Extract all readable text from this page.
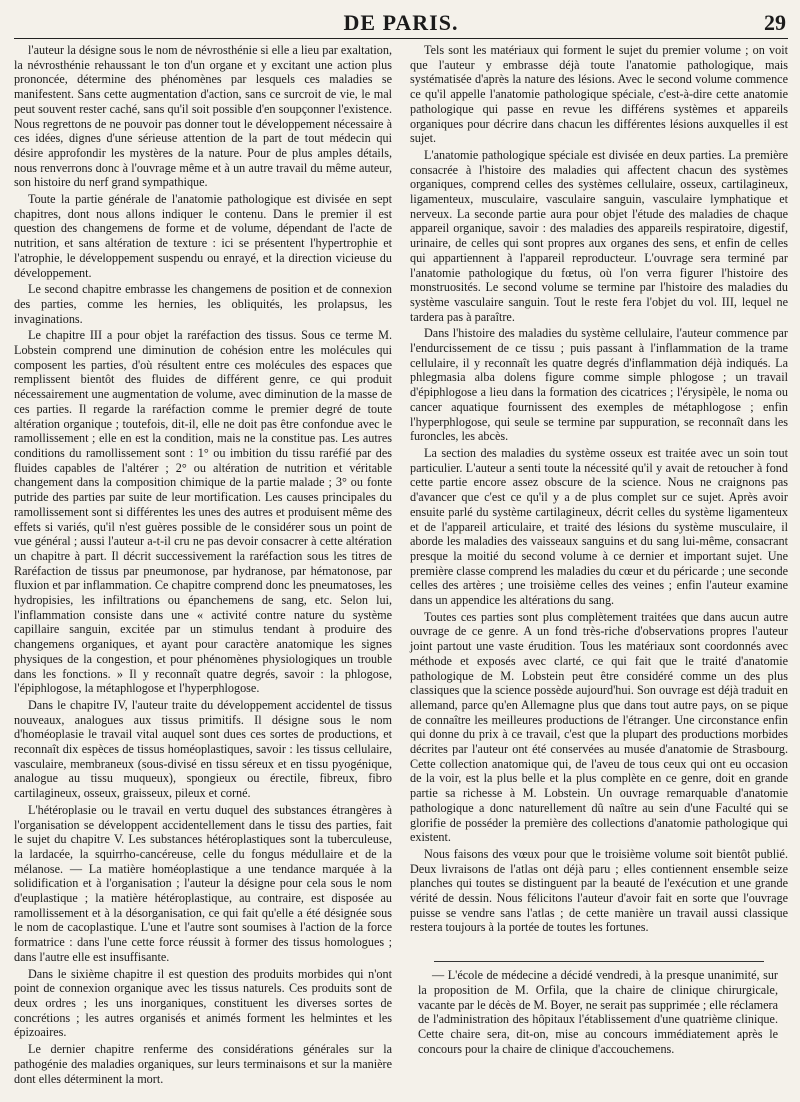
DE PARIS.	29

l'auteur la désigne sous le nom de névrosthénie si elle a lieu par exaltation, la névrosthénie rehaussant le ton d'un organe et y excitant une action plus prononcée, détermine des phénomènes par lesquels ces maladies se manifestent. Sans cette augmentation d'action, sans ce surcroit de vie, le mal peut souvent rester caché, sans qu'il soit possible d'en soupçonner l'existence. Nous regrettons de ne pouvoir pas donner tout le développement nécessaire à ces idées, dignes d'une sérieuse attention de la part de tout médecin qui désire approfondir les mystères de la nature. Pour de plus amples détails, nous renverrons donc à l'ouvrage même et à un autre travail du même auteur, son histoire du nerf grand sympathique.

Toute la partie générale de l'anatomie pathologique est divisée en sept chapitres, dont nous allons indiquer le contenu. Dans le premier il est question des changemens de forme et de volume, dépendant de l'acte de nutrition, et sans altération de texture : ici se présentent l'hypertrophie et l'atrophie, le développement suspendu ou enrayé, et la direction vicieuse du développement.

Le second chapitre embrasse les changemens de position et de connexion des parties, comme les hernies, les obliquités, les prolapsus, les invaginations.

Le chapitre III a pour objet la raréfaction des tissus. Sous ce terme M. Lobstein comprend une diminution de cohésion entre les molécules qui composent les parties, d'où résultent entre ces molécules des espaces que remplissent bientôt des fluides de différent genre, ce qui produit nécessairement une augmentation de volume, avec diminution de la masse de ces parties. Il regarde la raréfaction comme le premier degré de toute altération organique ; toutefois, dit-il, elle ne doit pas être confondue avec le ramollissement ; elle en est la condition, mais ne la constitue pas. Les autres conditions du ramollissement sont : 1° ou imbition du tissu raréfié par des fluides capables de l'altérer ; 2° ou altération de nutrition et véritable changement dans la composition chimique de la partie malade ; 3° ou fonte putride des parties par suite de leur mortification. Les causes principales du ramollissement sont si différentes les unes des autres et produisent même des effets si variés, qu'il n'est guères possible de le considérer sous un point de vue général ; aussi l'auteur a-t-il cru ne pas devoir consacrer à cette altération un chapitre à part. Il décrit successivement la raréfaction sous les titres de Raréfaction de tissus par pneumonose, par hydranose, par hématonose, par fluxion et par inflammation. Ce chapitre comprend donc les pneumatoses, les hydropisies, les infiltrations ou épanchemens de sang, etc. Selon lui, l'inflammation consiste dans une « activité contre nature du système capillaire sanguin, excitée par un stimulus tendant à produire des changemens organiques, et ayant pour caractère anatomique les signes physiques de la congestion, et pour phénomènes physiologiques un trouble dans les fonctions. » Il y reconnaît quatre degrés, savoir : la phlogose, l'épiphlogose, la métaphlogose et l'hyperphlogose.

Dans le chapitre IV, l'auteur traite du développement accidentel de tissus nouveaux, analogues aux tissus primitifs. Il désigne sous le nom d'homéoplasie le travail vital auquel sont dues ces sortes de productions, et reconnaît dix espèces de tissus homéoplastiques, savoir : les tissus cellulaire, vasculaire, membraneux (sous-divisé en tissu séreux et en tissu pyogénique, analogue au tissu muqueux), spongieux ou érectile, fibreux, fibro cartilagineux, osseux, graisseux, pileux et corné.

L'hétéroplasie ou le travail en vertu duquel des substances étrangères à l'organisation se développent accidentellement dans le tissu des parties, fait le sujet du chapitre V. Les substances hétéroplastiques sont la tuberculeuse, la lardacée, la squirrho-cancéreuse, celle du fongus médullaire et de la mélanose. — La matière homéoplastique a une tendance marquée à la solidification et à l'organisation ; l'auteur la désigne pour cela sous le nom d'euplastique ; la matière hétéroplastique, au contraire, est disposée au ramollissement et à la désorganisation, ce qui fait qu'elle a été désignée sous le nom de cacoplastique. L'une et l'autre sont soumises à l'action de la force formatrice : dans l'une cette force réussit à former des tissus homologues ; dans l'autre elle est insuffisante.

Dans le sixième chapitre il est question des produits morbides qui n'ont point de connexion organique avec les tissus naturels. Ces produits sont de deux ordres ; les uns inorganiques, constituent les diverses sortes de concrétions ; les autres organisés et animés forment les helmintes et les épizoaires.

Le dernier chapitre renferme des considérations générales sur la pathogénie des maladies organiques, sur leurs terminaisons et sur la manière dont elles déterminent la mort.

Tels sont les matériaux qui forment le sujet du premier volume ; on voit que l'auteur y embrasse déjà toute l'anatomie pathologique, mais systématisée d'après la nature des lésions. Avec le second volume commence ce qu'il appelle l'anatomie pathologique spéciale, c'est-à-dire cette anatomie pathologique qui passe en revue les différens systèmes et appareils organiques pour décrire dans chacun les différentes lésions auxquelles il est sujet.

L'anatomie pathologique spéciale est divisée en deux parties. La première consacrée à l'histoire des maladies qui affectent chacun des systèmes organiques, comprend celles des systèmes cellulaire, osseux, cartilagineux, ligamenteux, musculaire, vasculaire sanguin, vasculaire lymphatique et nerveux. La seconde partie aura pour objet l'étude des maladies de chaque appareil organique, savoir : des maladies des appareils respiratoire, digestif, urinaire, de celles qui sont propres aux organes des sens, et enfin de celles qui appartiennent à l'appareil reproducteur. L'ouvrage sera terminé par l'anatomie pathologique du fœtus, où l'on verra figurer l'histoire des monstruosités. Le second volume se termine par l'histoire des maladies du système vasculaire sanguin. Tout le reste fera l'objet du vol. III, lequel ne tardera pas à paraître.

Dans l'histoire des maladies du système cellulaire, l'auteur commence par l'endurcissement de ce tissu ; puis passant à l'inflammation de la trame cellulaire, il y reconnaît les quatre degrés d'inflammation déjà indiqués. La phlegmasia alba dolens figure comme simple phlogose ; un travail d'épiphlogose a lieu dans la formation des cicatrices ; l'érysipèle, le noma ou cancer aquatique fournissent des exemples de métaphlogose ; enfin l'hyperphlogose, qui seule se termine par suppuration, se reconnaît dans les furoncles, les abcès.

La section des maladies du système osseux est traitée avec un soin tout particulier. L'auteur a senti toute la nécessité qu'il y avait de retoucher à fond cette partie encore assez obscure de la science. Nous ne craignons pas d'avancer que c'est ce qu'il y a de plus complet sur ce sujet. Après avoir ensuite parlé du système cartilagineux, décrit celles du système ligamenteux et de l'appareil articulaire, et traité des lésions du système musculaire, il aborde les maladies des vaisseaux sanguins et du sang lui-même, consacrant presque la moitié du second volume à ce dernier et important sujet. Une première classe comprend les maladies du cœur et du péricarde ; une seconde celles des artères ; une troisième celles des veines ; enfin l'auteur examine dans un appendice les altérations du sang.

Toutes ces parties sont plus complètement traitées que dans aucun autre ouvrage de ce genre. A un fond très-riche d'observations propres l'auteur joint partout une vaste érudition. Tous les matériaux sont coordonnés avec méthode et exposés avec clarté, ce qui fait que le traité d'anatomie pathologique de M. Lobstein peut être considéré comme un des plus classiques que la science possède aujourd'hui. Son ouvrage est déjà traduit en allemand, parce qu'en Allemagne plus que dans tout autre pays, on se pique de connaître les meilleures productions de l'étranger. Une circonstance enfin qui donne du prix à ce travail, c'est que la plupart des productions morbides décrites par l'auteur ont été conservées au musée d'anatomie de Strasbourg. Cette collection anatomique qui, de l'aveu de tous ceux qui ont eu occasion de la voir, est la plus belle et la plus complète en ce genre, doit en grande partie sa richesse à M. Lobstein. Un ouvrage remarquable d'anatomie pathologique a donc naturellement dû naître au sein d'une Faculté qui se glorifie de posséder la première des collections d'anatomie pathologique qui existent.

Nous faisons des vœux pour que le troisième volume soit bientôt publié. Deux livraisons de l'atlas ont déjà paru ; elles contiennent ensemble seize planches qui toutes se distinguent par la beauté de l'exécution et une grande vérité de dessin. Nous félicitons l'auteur d'avoir fait en sorte que l'ouvrage puisse se vendre sans l'atlas ; de cette manière un travail aussi classique restera toujours à la portée de toutes les fortunes.

— L'école de médecine a décidé vendredi, à la presque unanimité, sur la proposition de M. Orfila, que la chaire de clinique chirurgicale, vacante par le décès de M. Boyer, ne serait pas supprimée ; elle réclamera de l'administration des hôpitaux l'établissement d'une quatrième clinique. Cette chaire sera, dit-on, mise au concours immédiatement après le concours pour la chaire de clinique d'accouchemens.
